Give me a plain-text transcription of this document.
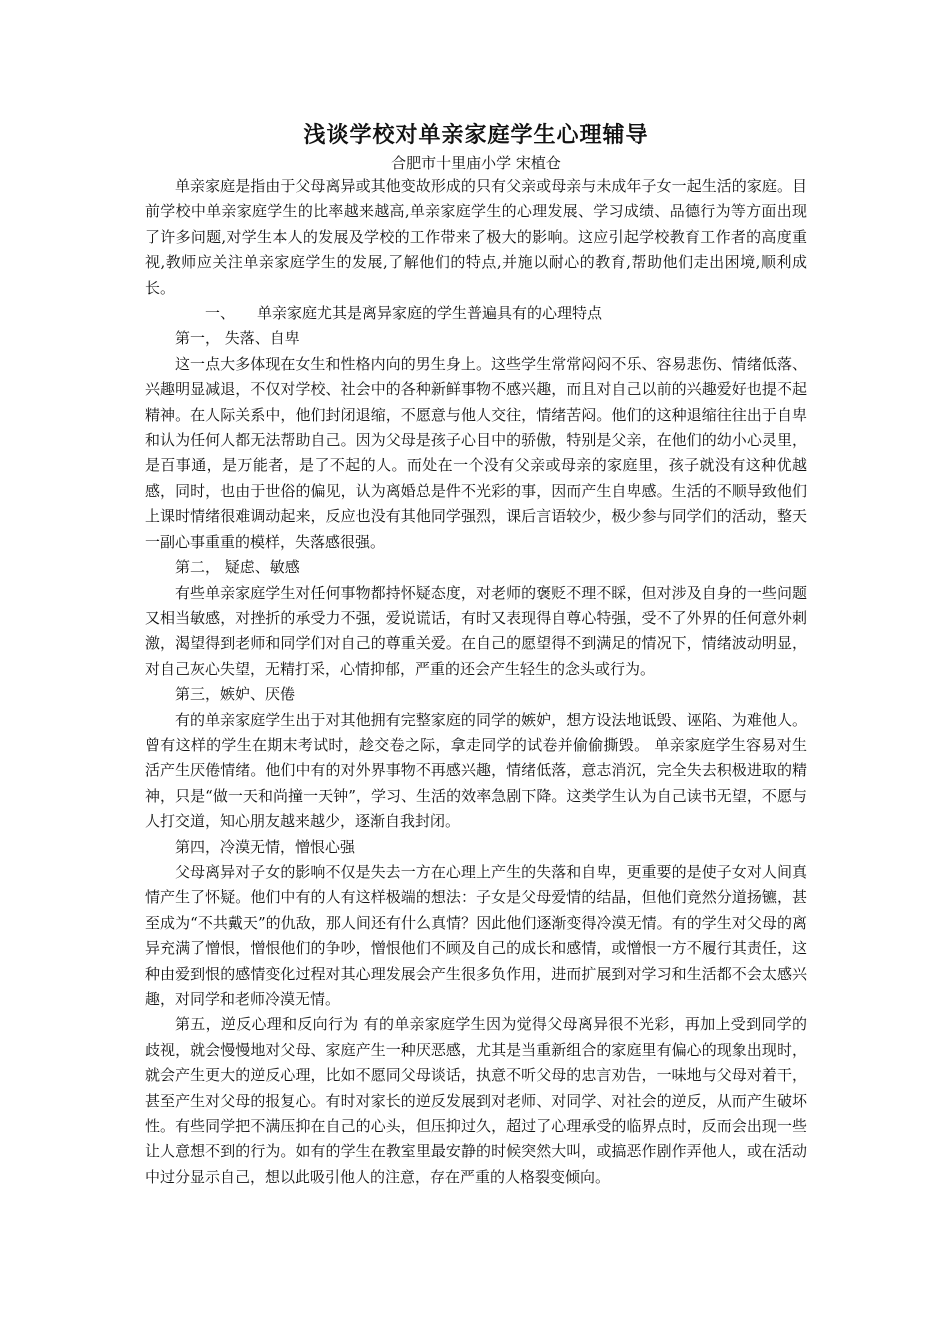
浅谈学校对单亲家庭学生心理辅导

合肥市十里庙小学 宋植仓

单亲家庭是指由于父母离异或其他变故形成的只有父亲或母亲与未成年子女一起生活的家庭。目前学校中单亲家庭学生的比率越来越高,单亲家庭学生的心理发展、学习成绩、品德行为等方面出现了许多问题,对学生本人的发展及学校的工作带来了极大的影响。这应引起学校教育工作者的高度重视,教师应关注单亲家庭学生的发展,了解他们的特点,并施以耐心的教育,帮助他们走出困境,顺利成长。

一、 单亲家庭尤其是离异家庭的学生普遍具有的心理特点

第一， 失落、自卑

这一点大多体现在女生和性格内向的男生身上。这些学生常常闷闷不乐、容易悲伤、情绪低落、兴趣明显减退，不仅对学校、社会中的各种新鲜事物不感兴趣，而且对自己以前的兴趣爱好也提不起精神。在人际关系中，他们封闭退缩，不愿意与他人交往，情绪苦闷。他们的这种退缩往往出于自卑和认为任何人都无法帮助自己。因为父母是孩子心目中的骄傲，特别是父亲，在他们的幼小心灵里，是百事通，是万能者，是了不起的人。而处在一个没有父亲或母亲的家庭里，孩子就没有这种优越感，同时，也由于世俗的偏见，认为离婚总是件不光彩的事，因而产生自卑感。生活的不顺导致他们上课时情绪很难调动起来，反应也没有其他同学强烈，课后言语较少，极少参与同学们的活动，整天一副心事重重的模样，失落感很强。

第二， 疑虑、敏感

有些单亲家庭学生对任何事物都持怀疑态度，对老师的褒贬不理不睬，但对涉及自身的一些问题又相当敏感，对挫折的承受力不强，爱说谎话，有时又表现得自尊心特强，受不了外界的任何意外刺激，渴望得到老师和同学们对自己的尊重关爱。在自己的愿望得不到满足的情况下，情绪波动明显，对自己灰心失望，无精打采，心情抑郁，严重的还会产生轻生的念头或行为。

第三，嫉妒、厌倦

有的单亲家庭学生出于对其他拥有完整家庭的同学的嫉妒，想方设法地诋毁、诬陷、为难他人。曾有这样的学生在期末考试时，趁交卷之际，拿走同学的试卷并偷偷撕毁。 单亲家庭学生容易对生活产生厌倦情绪。他们中有的对外界事物不再感兴趣，情绪低落，意志消沉，完全失去积极进取的精神，只是“做一天和尚撞一天钟”，学习、生活的效率急剧下降。这类学生认为自己读书无望，不愿与人打交道，知心朋友越来越少，逐渐自我封闭。

第四，冷漠无情，憎恨心强

父母离异对子女的影响不仅是失去一方在心理上产生的失落和自卑，更重要的是使子女对人间真情产生了怀疑。他们中有的人有这样极端的想法：子女是父母爱情的结晶，但他们竟然分道扬镳，甚至成为“不共戴天”的仇敌，那人间还有什么真情？因此他们逐渐变得冷漠无情。有的学生对父母的离异充满了憎恨，憎恨他们的争吵，憎恨他们不顾及自己的成长和感情，或憎恨一方不履行其责任，这种由爱到恨的感情变化过程对其心理发展会产生很多负作用，进而扩展到对学习和生活都不会太感兴趣，对同学和老师冷漠无情。

第五，逆反心理和反向行为 有的单亲家庭学生因为觉得父母离异很不光彩，再加上受到同学的歧视，就会慢慢地对父母、家庭产生一种厌恶感，尤其是当重新组合的家庭里有偏心的现象出现时，就会产生更大的逆反心理，比如不愿同父母谈话，执意不听父母的忠言劝告，一味地与父母对着干，甚至产生对父母的报复心。有时对家长的逆反发展到对老师、对同学、对社会的逆反，从而产生破坏性。有些同学把不满压抑在自己的心头，但压抑过久，超过了心理承受的临界点时，反而会出现一些让人意想不到的行为。如有的学生在教室里最安静的时候突然大叫，或搞恶作剧作弄他人，或在活动中过分显示自己，想以此吸引他人的注意，存在严重的人格裂变倾向。
